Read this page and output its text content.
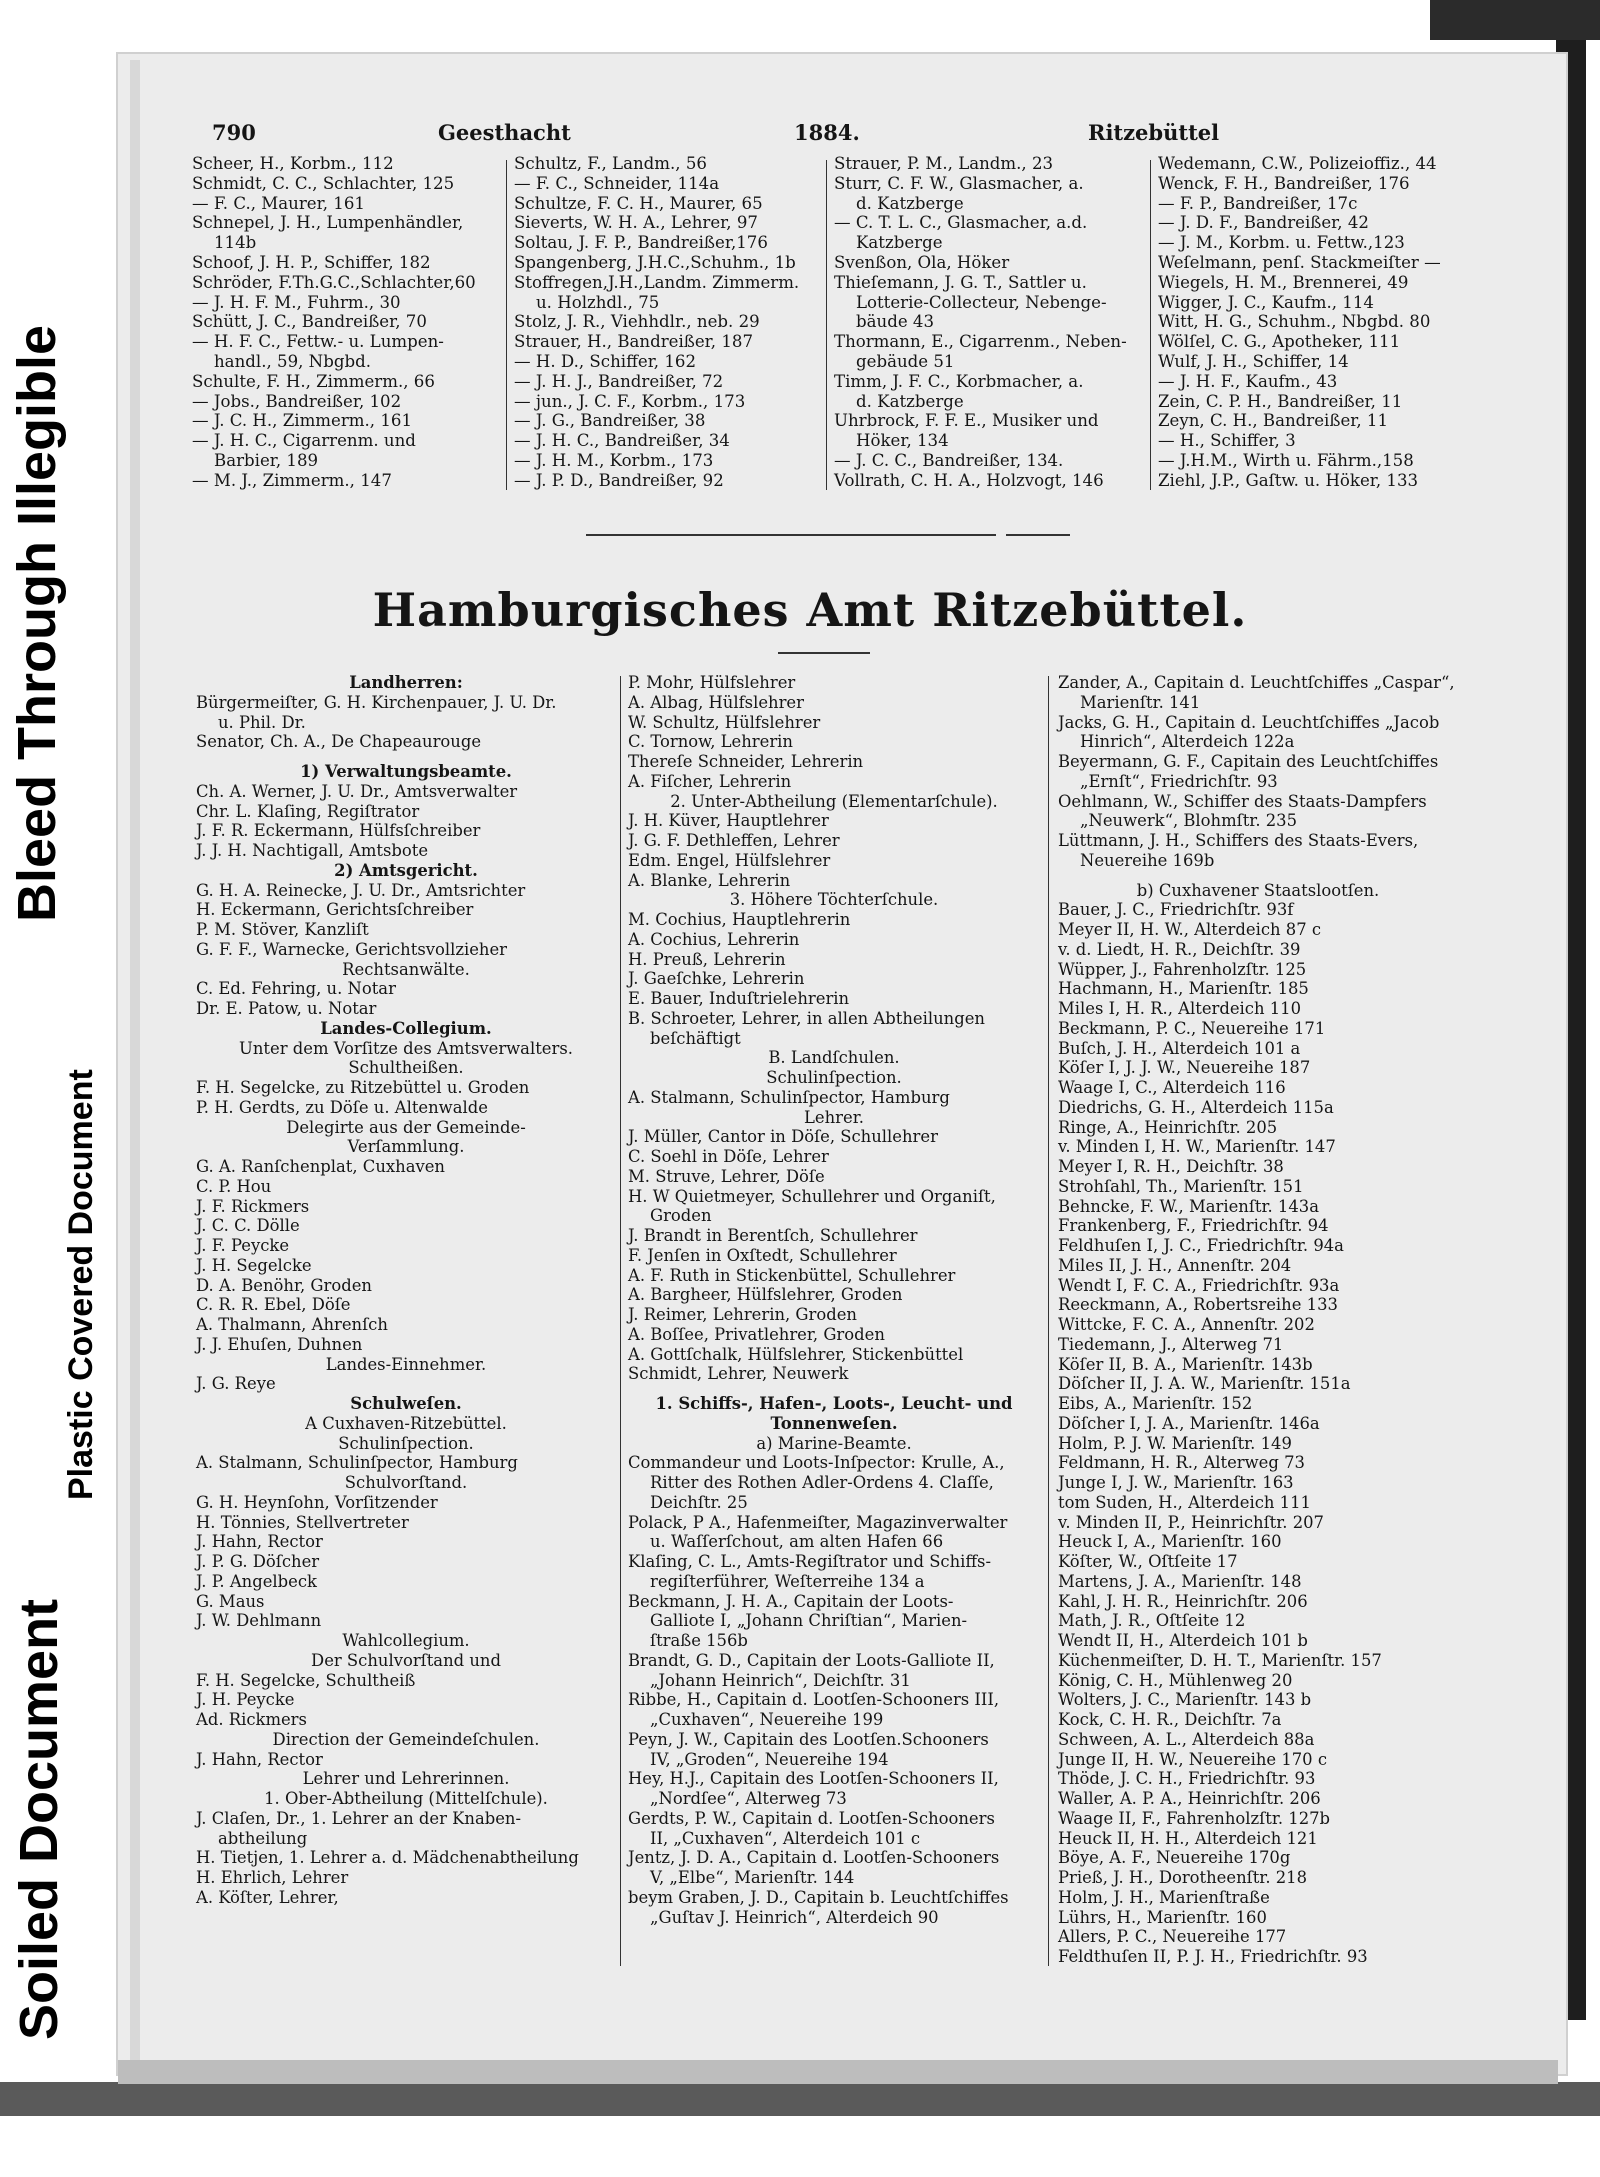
Soiled Document
Plastic Covered Document
Bleed Through Illegible
790	Geesthacht	1884.	Ritzebüttel
Scheer, H., Korbm., 112
Schmidt, C. C., Schlachter, 125
— F. C., Maurer, 161
Schnepel, J. H., Lumpenhändler,
114b
Schoof, J. H. P., Schiffer, 182
Schröder, F.Th.G.C.,Schlachter,60
— J. H. F. M., Fuhrm., 30
Schütt, J. C., Bandreißer, 70
— H. F. C., Fettw.- u. Lumpen-
handl., 59, Nbgbd.
Schulte, F. H., Zimmerm., 66
— Jobs., Bandreißer, 102
— J. C. H., Zimmerm., 161
— J. H. C., Cigarrenm. und
Barbier, 189
— M. J., Zimmerm., 147
Schultz, F., Landm., 56
— F. C., Schneider, 114a
Schultze, F. C. H., Maurer, 65
Sieverts, W. H. A., Lehrer, 97
Soltau, J. F. P., Bandreißer,176
Spangenberg, J.H.C.,Schuhm., 1b
Stoffregen,J.H.,Landm. Zimmerm.
u. Holzhdl., 75
Stolz, J. R., Viehhdlr., neb. 29
Strauer, H., Bandreißer, 187
— H. D., Schiffer, 162
— J. H. J., Bandreißer, 72
— jun., J. C. F., Korbm., 173
— J. G., Bandreißer, 38
— J. H. C., Bandreißer, 34
— J. H. M., Korbm., 173
— J. P. D., Bandreißer, 92
Strauer, P. M., Landm., 23
Sturr, C. F. W., Glasmacher, a.
d. Katzberge
— C. T. L. C., Glasmacher, a.d.
Katzberge
Svenßon, Ola, Höker
Thieſemann, J. G. T., Sattler u.
Lotterie-Collecteur, Nebenge-
bäude 43
Thormann, E., Cigarrenm., Neben-
gebäude 51
Timm, J. F. C., Korbmacher, a.
d. Katzberge
Uhrbrock, F. F. E., Musiker und
Höker, 134
— J. C. C., Bandreißer, 134.
Vollrath, C. H. A., Holzvogt, 146
Wedemann, C.W., Polizeioffiz., 44
Wenck, F. H., Bandreißer, 176
— F. P., Bandreißer, 17c
— J. D. F., Bandreißer, 42
— J. M., Korbm. u. Fettw.,123
Weſelmann, penſ. Stackmeiſter —
Wiegels, H. M., Brennerei, 49
Wigger, J. C., Kaufm., 114
Witt, H. G., Schuhm., Nbgbd. 80
Wölſel, C. G., Apotheker, 111
Wulf, J. H., Schiffer, 14
— J. H. F., Kaufm., 43
Zein, C. P. H., Bandreißer, 11
Zeyn, C. H., Bandreißer, 11
— H., Schiffer, 3
— J.H.M., Wirth u. Fährm.,158
Ziehl, J.P., Gaſtw. u. Höker, 133
Hamburgisches Amt Ritzebüttel.
Landherren:
Bürgermeiſter, G. H. Kirchenpauer, J. U. Dr.
u. Phil. Dr.
Senator, Ch. A., De Chapeaurouge
1) Verwaltungsbeamte.
Ch. A. Werner, J. U. Dr., Amtsverwalter
Chr. L. Klaſing, Regiſtrator
J. F. R. Eckermann, Hülfsſchreiber
J. J. H. Nachtigall, Amtsbote
2) Amtsgericht.
G. H. A. Reinecke, J. U. Dr., Amtsrichter
H. Eckermann, Gerichtsſchreiber
P. M. Stöver, Kanzliſt
G. F. F., Warnecke, Gerichtsvollzieher
Rechtsanwälte.
C. Ed. Fehring, u. Notar
Dr. E. Patow, u. Notar
Landes-Collegium.
Unter dem Vorſitze des Amtsverwalters.
Schultheißen.
F. H. Segelcke, zu Ritzebüttel u. Groden
P. H. Gerdts, zu Döſe u. Altenwalde
Delegirte aus der Gemeinde-
Verſammlung.
G. A. Ranſchenplat, Cuxhaven
C. P. Hou
J. F. Rickmers
J. C. C. Dölle
J. F. Peycke
J. H. Segelcke
D. A. Benöhr, Groden
C. R. R. Ebel, Döſe
A. Thalmann, Ahrenſch
J. J. Ehuſen, Duhnen
Landes-Einnehmer.
J. G. Reye
Schulweſen.
A Cuxhaven-Ritzebüttel.
Schulinſpection.
A. Stalmann, Schulinſpector, Hamburg
Schulvorſtand.
G. H. Heynſohn, Vorſitzender
H. Tönnies, Stellvertreter
J. Hahn, Rector
J. P. G. Döſcher
J. P. Angelbeck
G. Maus
J. W. Dehlmann
Wahlcollegium.
Der Schulvorſtand und
F. H. Segelcke, Schultheiß
J. H. Peycke
Ad. Rickmers
Direction der Gemeindeſchulen.
J. Hahn, Rector
Lehrer und Lehrerinnen.
1. Ober-Abtheilung (Mittelſchule).
J. Claſen, Dr., 1. Lehrer an der Knaben-
abtheilung
H. Tietjen, 1. Lehrer a. d. Mädchenabtheilung
H. Ehrlich, Lehrer
A. Köſter, Lehrer,
P. Mohr, Hülfslehrer
A. Albag, Hülfslehrer
W. Schultz, Hülfslehrer
C. Tornow, Lehrerin
Thereſe Schneider, Lehrerin
A. Fiſcher, Lehrerin
2. Unter-Abtheilung (Elementarſchule).
J. H. Küver, Hauptlehrer
J. G. F. Dethleffen, Lehrer
Edm. Engel, Hülfslehrer
A. Blanke, Lehrerin
3. Höhere Töchterſchule.
M. Cochius, Hauptlehrerin
A. Cochius, Lehrerin
H. Preuß, Lehrerin
J. Gaeſchke, Lehrerin
E. Bauer, Induſtrielehrerin
B. Schroeter, Lehrer, in allen Abtheilungen
beſchäftigt
B. Landſchulen.
Schulinſpection.
A. Stalmann, Schulinſpector, Hamburg
Lehrer.
J. Müller, Cantor in Döſe, Schullehrer
C. Soehl in Döſe, Lehrer
M. Struve, Lehrer, Döſe
H. W Quietmeyer, Schullehrer und Organiſt,
Groden
J. Brandt in Berentſch, Schullehrer
F. Jenſen in Oxſtedt, Schullehrer
A. F. Ruth in Stickenbüttel, Schullehrer
A. Bargheer, Hülfslehrer, Groden
J. Reimer, Lehrerin, Groden
A. Boſſee, Privatlehrer, Groden
A. Gottſchalk, Hülfslehrer, Stickenbüttel
Schmidt, Lehrer, Neuwerk
1. Schiffs-, Hafen-, Loots-, Leucht- und
Tonnenweſen.
a) Marine-Beamte.
Commandeur und Loots-Inſpector: Krulle, A.,
Ritter des Rothen Adler-Ordens 4. Claſſe,
Deichſtr. 25
Polack, P A., Hafenmeiſter, Magazinverwalter
u. Waſſerſchout, am alten Hafen 66
Klaſing, C. L., Amts-Regiſtrator und Schiffs-
regiſterführer, Weſterreihe 134 a
Beckmann, J. H. A., Capitain der Loots-
Galliote I, „Johann Chriſtian“, Marien-
ſtraße 156b
Brandt, G. D., Capitain der Loots-Galliote II,
„Johann Heinrich“, Deichſtr. 31
Ribbe, H., Capitain d. Lootſen-Schooners III,
„Cuxhaven“, Neuereihe 199
Peyn, J. W., Capitain des Lootſen.Schooners
IV, „Groden“, Neuereihe 194
Hey, H.J., Capitain des Lootſen-Schooners II,
„Nordſee“, Alterweg 73
Gerdts, P. W., Capitain d. Lootſen-Schooners
II, „Cuxhaven“, Alterdeich 101 c
Jentz, J. D. A., Capitain d. Lootſen-Schooners
V, „Elbe“, Marienſtr. 144
beym Graben, J. D., Capitain b. Leuchtſchiffes
„Guſtav J. Heinrich“, Alterdeich 90
Zander, A., Capitain d. Leuchtſchiffes „Caspar“,
Marienſtr. 141
Jacks, G. H., Capitain d. Leuchtſchiffes „Jacob
Hinrich“, Alterdeich 122a
Beyermann, G. F., Capitain des Leuchtſchiffes
„Ernſt“, Friedrichſtr. 93
Oehlmann, W., Schiffer des Staats-Dampfers
„Neuwerk“, Blohmſtr. 235
Lüttmann, J. H., Schiffers des Staats-Evers,
Neuereihe 169b
b) Cuxhavener Staatslootſen.
Bauer, J. C., Friedrichſtr. 93f
Meyer II, H. W., Alterdeich 87 c
v. d. Liedt, H. R., Deichſtr. 39
Wüpper, J., Fahrenholzſtr. 125
Hachmann, H., Marienſtr. 185
Miles I, H. R., Alterdeich 110
Beckmann, P. C., Neuereihe 171
Buſch, J. H., Alterdeich 101 a
Köſer I, J. J. W., Neuereihe 187
Waage I, C., Alterdeich 116
Diedrichs, G. H., Alterdeich 115a
Ringe, A., Heinrichſtr. 205
v. Minden I, H. W., Marienſtr. 147
Meyer I, R. H., Deichſtr. 38
Strohſahl, Th., Marienſtr. 151
Behncke, F. W., Marienſtr. 143a
Frankenberg, F., Friedrichſtr. 94
Feldhuſen I, J. C., Friedrichſtr. 94a
Miles II, J. H., Annenſtr. 204
Wendt I, F. C. A., Friedrichſtr. 93a
Reeckmann, A., Robertsreihe 133
Wittcke, F. C. A., Annenſtr. 202
Tiedemann, J., Alterweg 71
Köſer II, B. A., Marienſtr. 143b
Döſcher II, J. A. W., Marienſtr. 151a
Eibs, A., Marienſtr. 152
Döſcher I, J. A., Marienſtr. 146a
Holm, P. J. W. Marienſtr. 149
Feldmann, H. R., Alterweg 73
Junge I, J. W., Marienſtr. 163
tom Suden, H., Alterdeich 111
v. Minden II, P., Heinrichſtr. 207
Heuck I, A., Marienſtr. 160
Köſter, W., Oſtſeite 17
Martens, J. A., Marienſtr. 148
Kahl, J. H. R., Heinrichſtr. 206
Math, J. R., Oſtſeite 12
Wendt II, H., Alterdeich 101 b
Küchenmeiſter, D. H. T., Marienſtr. 157
König, C. H., Mühlenweg 20
Wolters, J. C., Marienſtr. 143 b
Kock, C. H. R., Deichſtr. 7a
Schween, A. L., Alterdeich 88a
Junge II, H. W., Neuereihe 170 c
Thöde, J. C. H., Friedrichſtr. 93
Waller, A. P. A., Heinrichſtr. 206
Waage II, F., Fahrenholzſtr. 127b
Heuck II, H. H., Alterdeich 121
Böye, A. F., Neuereihe 170g
Prieß, J. H., Dorotheenſtr. 218
Holm, J. H., Marienſtraße
Lührs, H., Marienſtr. 160
Allers, P. C., Neuereihe 177
Feldthuſen II, P. J. H., Friedrichſtr. 93
